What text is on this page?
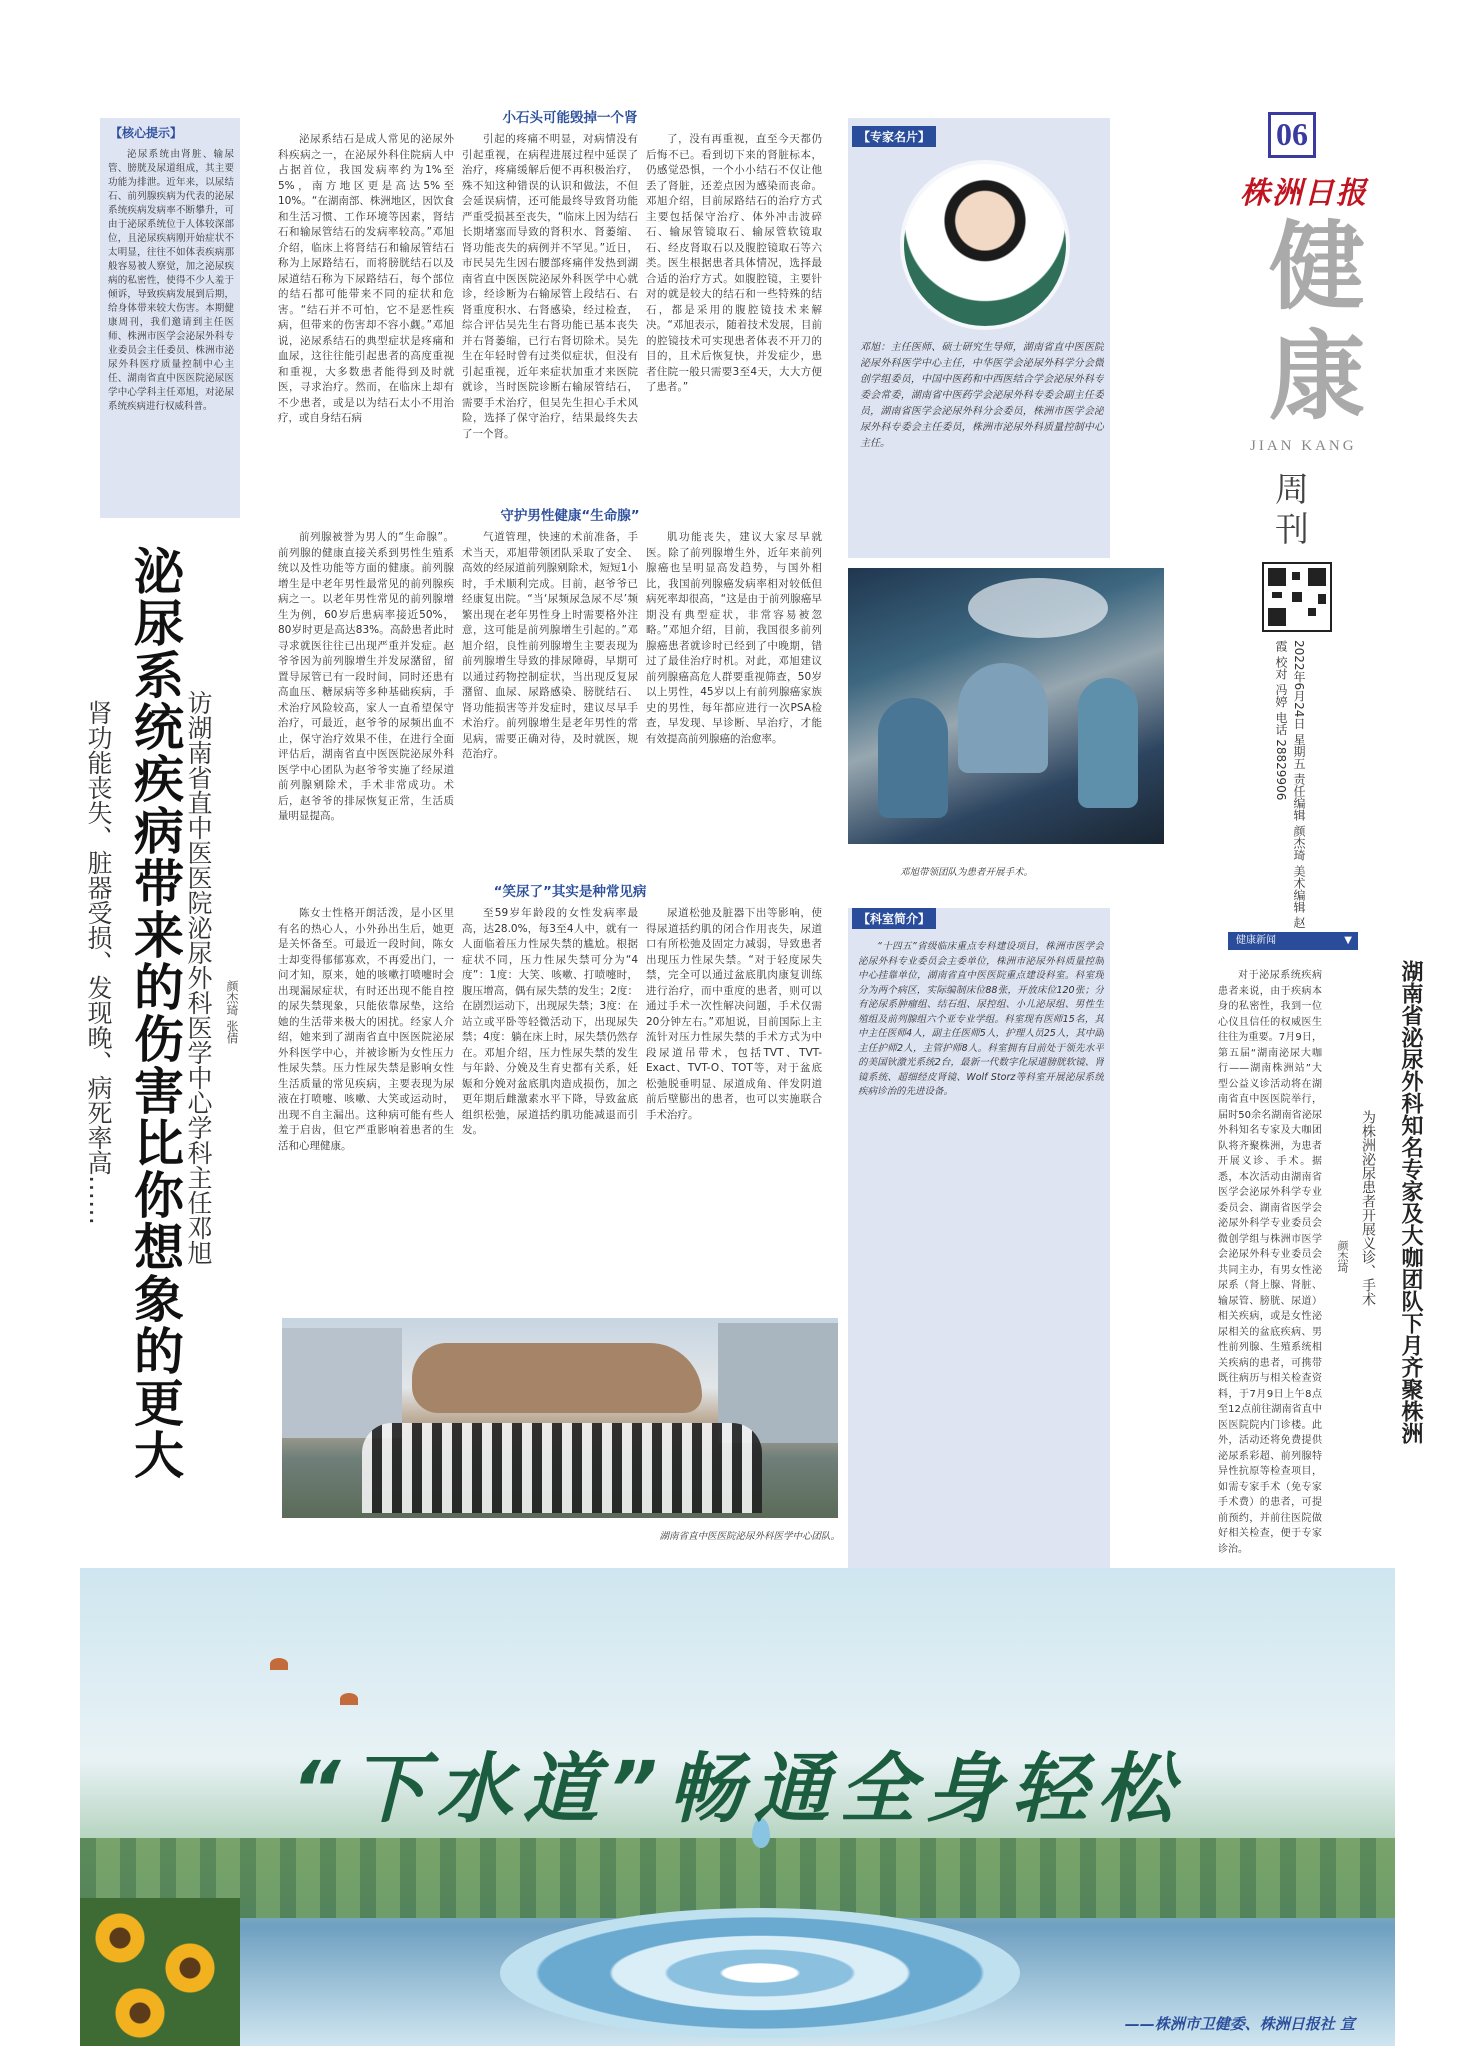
06
株洲日报
健康
JIAN KANG
周刊
2022年6月24日 星期五 责任编辑 颜杰琦 美术编辑 赵 霞 校对 冯婷 电话 28829906
【核心提示】
泌尿系统由肾脏、输尿管、膀胱及尿道组成，其主要功能为排泄。近年来，以尿结石、前列腺疾病为代表的泌尿系统疾病发病率不断攀升，可由于泌尿系统位于人体较深部位，且泌尿疾病刚开始症状不太明显，往往不如体表疾病那般容易被人察觉，加之泌尿疾病的私密性，使得不少人羞于倾诉，导致疾病发展到后期，给身体带来较大伤害。本期健康周刊，我们邀请到主任医师、株洲市医学会泌尿外科专业委员会主任委员、株洲市泌尿外科医疗质量控制中心主任、湖南省直中医医院泌尿医学中心学科主任邓旭，对泌尿系统疾病进行权威科普。
泌尿系统疾病带来的伤害比你想象的更大 访湖南省直中医医院泌尿外科医学中心学科主任邓旭
肾功能丧失、脏器受损、发现晚、病死率高……	颜杰琦 张倩
小石头可能毁掉一个肾
泌尿系结石是成人常见的泌尿外科疾病之一，在泌尿外科住院病人中占据首位，我国发病率约为1%至5%，南方地区更是高达5%至10%。“在湖南部、株洲地区，因饮食和生活习惯、工作环境等因素，肾结石和输尿管结石的发病率较高。”邓旭介绍，临床上将肾结石和输尿管结石称为上尿路结石，而将膀胱结石以及尿道结石称为下尿路结石，每个部位的结石都可能带来不同的症状和危害。“结石并不可怕，它不是恶性疾病，但带来的伤害却不容小觑。”邓旭说，泌尿系结石的典型症状是疼痛和血尿，这往往能引起患者的高度重视和重视，大多数患者能得到及时就医，寻求治疗。然而，在临床上却有不少患者，或是以为结石太小不用治疗，或自身结石病
引起的疼痛不明显，对病情没有引起重视，在病程进展过程中延误了治疗，疼痛缓解后便不再积极治疗，殊不知这种错误的认识和做法，不但会延误病情，还可能最终导致肾功能严重受损甚至丧失，“临床上因为结石长期堵塞而导致的肾积水、肾萎缩、肾功能丧失的病例并不罕见。”近日，市民吴先生因右腰部疼痛伴发热到湖南省直中医医院泌尿外科医学中心就诊，经诊断为右输尿管上段结石、右肾重度积水、右肾感染，经过检查，综合评估吴先生右肾功能已基本丧失并右肾萎缩，已行右肾切除术。吴先生在年轻时曾有过类似症状，但没有引起重视，近年来症状加重才来医院就诊，当时医院诊断右输尿管结石，需要手术治疗，但吴先生担心手术风险，选择了保守治疗，结果最终失去了一个肾。
了，没有再重视，直至今天都仍后悔不已。看到切下来的肾脏标本，仍感觉恐惧，一个小小结石不仅让他丢了肾脏，还差点因为感染而丧命。邓旭介绍，目前尿路结石的治疗方式主要包括保守治疗、体外冲击波碎石、输尿管镜取石、输尿管软镜取石、经皮肾取石以及腹腔镜取石等六类。医生根据患者具体情况，选择最合适的治疗方式。如腹腔镜，主要针对的就是较大的结石和一些特殊的结石，都是采用的腹腔镜技术来解决。“邓旭表示，随着技术发展，目前的腔镜技术可实现患者体表不开刀的目的，且术后恢复快，并发症少，患者住院一般只需要3至4天，大大方便了患者。”
守护男性健康“生命腺”
前列腺被誉为男人的“生命腺”。前列腺的健康直接关系到男性生殖系统以及性功能等方面的健康。前列腺增生是中老年男性最常见的前列腺疾病之一。以老年男性常见的前列腺增生为例，60岁后患病率接近50%，80岁时更是高达83%。高龄患者此时寻求就医往往已出现严重并发症。赵爷爷因为前列腺增生并发尿潴留，留置导尿管已有一段时间，同时还患有高血压、糖尿病等多种基础疾病，手术治疗风险较高，家人一直希望保守治疗，可最近，赵爷爷的尿频出血不止，保守治疗效果不佳，在进行全面评估后，湖南省直中医医院泌尿外科医学中心团队为赵爷爷实施了经尿道前列腺剜除术，手术非常成功。术后，赵爷爷的排尿恢复正常，生活质量明显提高。
气道管理，快速的术前准备，手术当天，邓旭带领团队采取了安全、高效的经尿道前列腺剜除术，短短1小时，手术顺利完成。目前，赵爷爷已经康复出院。“当‘尿频尿急尿不尽’频繁出现在老年男性身上时需要格外注意，这可能是前列腺增生引起的。”邓旭介绍，良性前列腺增生主要表现为前列腺增生导致的排尿障碍，早期可以通过药物控制症状，当出现反复尿潴留、血尿、尿路感染、膀胱结石、肾功能损害等并发症时，建议尽早手术治疗。前列腺增生是老年男性的常见病，需要正确对待，及时就医，规范治疗。
肌功能丧失，建议大家尽早就医。除了前列腺增生外，近年来前列腺癌也呈明显高发趋势，与国外相比，我国前列腺癌发病率相对较低但病死率却很高，“这是由于前列腺癌早期没有典型症状，非常容易被忽略。”邓旭介绍，目前，我国很多前列腺癌患者就诊时已经到了中晚期，错过了最佳治疗时机。对此，邓旭建议前列腺癌高危人群要重视筛查，50岁以上男性，45岁以上有前列腺癌家族史的男性，每年都应进行一次PSA检查，早发现、早诊断、早治疗，才能有效提高前列腺癌的治愈率。
“笑尿了”其实是种常见病
陈女士性格开朗活泼，是小区里有名的热心人，小外孙出生后，她更是关怀备至。可最近一段时间，陈女士却变得郁郁寡欢，不再爱出门，一问才知，原来，她的咳嗽打喷嚏时会出现漏尿症状，有时还出现不能自控的尿失禁现象，只能依靠尿垫，这给她的生活带来极大的困扰。经家人介绍，她来到了湖南省直中医医院泌尿外科医学中心，并被诊断为女性压力性尿失禁。压力性尿失禁是影响女性生活质量的常见疾病，主要表现为尿液在打喷嚏、咳嗽、大笑或运动时，出现不自主漏出。这种病可能有些人羞于启齿，但它严重影响着患者的生活和心理健康。
至59岁年龄段的女性发病率最高，达28.0%，每3至4人中，就有一人面临着压力性尿失禁的尴尬。根据症状不同，压力性尿失禁可分为“4度”：1度：大笑、咳嗽、打喷嚏时，腹压增高，偶有尿失禁的发生；2度：在剧烈运动下，出现尿失禁；3度：在站立或平卧等轻微活动下，出现尿失禁；4度：躺在床上时，尿失禁仍然存在。邓旭介绍，压力性尿失禁的发生与年龄、分娩及生育史都有关系，妊娠和分娩对盆底肌肉造成损伤，加之更年期后雌激素水平下降，导致盆底组织松弛，尿道括约肌功能减退而引发。
尿道松弛及脏器下出等影响，使得尿道括约肌的闭合作用丧失，尿道口有所松弛及固定力减弱，导致患者出现压力性尿失禁。“对于轻度尿失禁，完全可以通过盆底肌肉康复训练进行治疗，而中重度的患者，则可以通过手术一次性解决问题，手术仅需20分钟左右。”邓旭说，目前国际上主流针对压力性尿失禁的手术方式为中段尿道吊带术，包括TVT、TVT-Exact、TVT-O、TOT等，对于盆底松弛脱垂明显、尿道成角、伴发阴道前后壁膨出的患者，也可以实施联合手术治疗。
湖南省直中医医院泌尿外科医学中心团队。
【专家名片】
邓旭：主任医师、硕士研究生导师，湖南省直中医医院泌尿外科医学中心主任，中华医学会泌尿外科学分会微创学组委员，中国中医药和中西医结合学会泌尿外科专委会常委，湖南省中医药学会泌尿外科专委会副主任委员，湖南省医学会泌尿外科分会委员，株洲市医学会泌尿外科专委会主任委员，株洲市泌尿外科质量控制中心主任。
邓旭带领团队为患者开展手术。
【科室简介】
“十四五”省级临床重点专科建设项目，株洲市医学会泌尿外科专业委员会主委单位，株洲市泌尿外科质量控制中心挂靠单位，湖南省直中医医院重点建设科室。科室现分为两个病区，实际编制床位88张，开放床位120张；分有泌尿系肿瘤组、结石组、尿控组、小儿泌尿组、男性生殖组及前列腺组六个亚专业学组。科室现有医师15名，其中主任医师4人，副主任医师5人，护理人员25人，其中副主任护师2人，主管护师8人。科室拥有目前处于领先水平的美国钬激光系统2台，最新一代数字化尿道膀胱软镜、肾镜系统、超细经皮肾镜、Wolf Storz等科室开展泌尿系统疾病诊治的先进设备。
健康新闻	▼
湖南省泌尿外科知名专家及大咖团队下月齐聚株洲
为株洲泌尿患者开展义诊、手术
颜杰琦
对于泌尿系统疾病患者来说，由于疾病本身的私密性，我到一位心仪且信任的权威医生往往为重要。7月9日，第五届“湖南泌尿大咖行——湖南株洲站”大型公益义诊活动将在湖南省直中医医院举行，届时50余名湖南省泌尿外科知名专家及大咖团队将齐聚株洲，为患者开展义诊、手术。据悉，本次活动由湖南省医学会泌尿外科学专业委员会、湖南省医学会泌尿外科学专业委员会微创学组与株洲市医学会泌尿外科专业委员会共同主办，有男女性泌尿系（肾上腺、肾脏、输尿管、膀胱、尿道）相关疾病，或是女性泌尿相关的盆底疾病、男性前列腺、生殖系统相关疾病的患者，可携带既往病历与相关检查资料，于7月9日上午8点至12点前往湖南省直中医医院院内门诊楼。此外，活动还将免费提供泌尿系彩超、前列腺特异性抗原等检查项目，如需专家手术（免专家手术费）的患者，可提前预约，并前往医院做好相关检查，便于专家诊治。
“下水道”畅通全身轻松
——株洲市卫健委、株洲日报社 宣
